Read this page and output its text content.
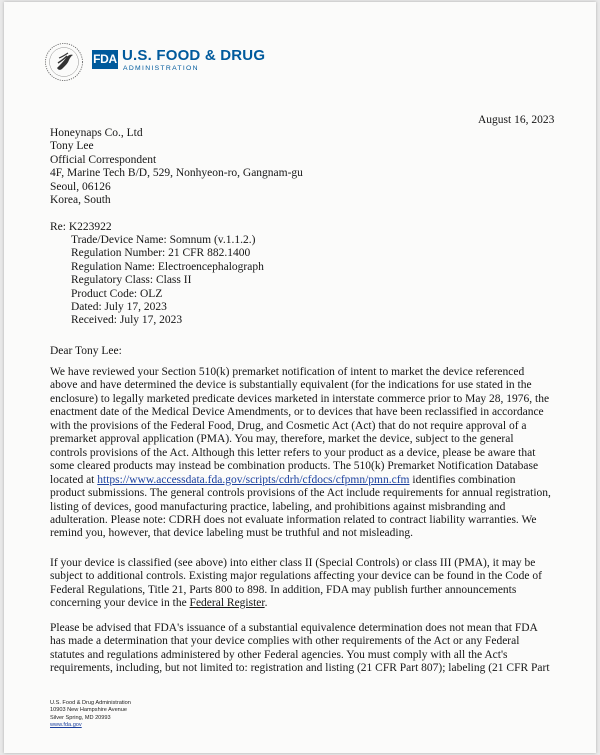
FDA U.S. FOOD & DRUG
ADMINISTRATION
August 16, 2023
Honeynaps Co., Ltd
Tony Lee
Official Correspondent
4F, Marine Tech B/D, 529, Nonhyeon-ro, Gangnam-gu
Seoul, 06126
Korea, South
Re: K223922
Trade/Device Name: Somnum (v.1.1.2.)
Regulation Number: 21 CFR 882.1400
Regulation Name: Electroencephalograph
Regulatory Class: Class II
Product Code: OLZ
Dated: July 17, 2023
Received: July 17, 2023
Dear Tony Lee:
We have reviewed your Section 510(k) premarket notification of intent to market the device referenced
above and have determined the device is substantially equivalent (for the indications for use stated in the
enclosure) to legally marketed predicate devices marketed in interstate commerce prior to May 28, 1976, the
enactment date of the Medical Device Amendments, or to devices that have been reclassified in accordance
with the provisions of the Federal Food, Drug, and Cosmetic Act (Act) that do not require approval of a
premarket approval application (PMA). You may, therefore, market the device, subject to the general
controls provisions of the Act. Although this letter refers to your product as a device, please be aware that
some cleared products may instead be combination products. The 510(k) Premarket Notification Database
located at https://www.accessdata.fda.gov/scripts/cdrh/cfdocs/cfpmn/pmn.cfm identifies combination
product submissions. The general controls provisions of the Act include requirements for annual registration,
listing of devices, good manufacturing practice, labeling, and prohibitions against misbranding and
adulteration. Please note: CDRH does not evaluate information related to contract liability warranties. We
remind you, however, that device labeling must be truthful and not misleading.
If your device is classified (see above) into either class II (Special Controls) or class III (PMA), it may be
subject to additional controls. Existing major regulations affecting your device can be found in the Code of
Federal Regulations, Title 21, Parts 800 to 898. In addition, FDA may publish further announcements
concerning your device in the Federal Register.
Please be advised that FDA's issuance of a substantial equivalence determination does not mean that FDA
has made a determination that your device complies with other requirements of the Act or any Federal
statutes and regulations administered by other Federal agencies. You must comply with all the Act's
requirements, including, but not limited to: registration and listing (21 CFR Part 807); labeling (21 CFR Part
U.S. Food & Drug Administration
10903 New Hampshire Avenue
Silver Spring, MD 20993
www.fda.gov
